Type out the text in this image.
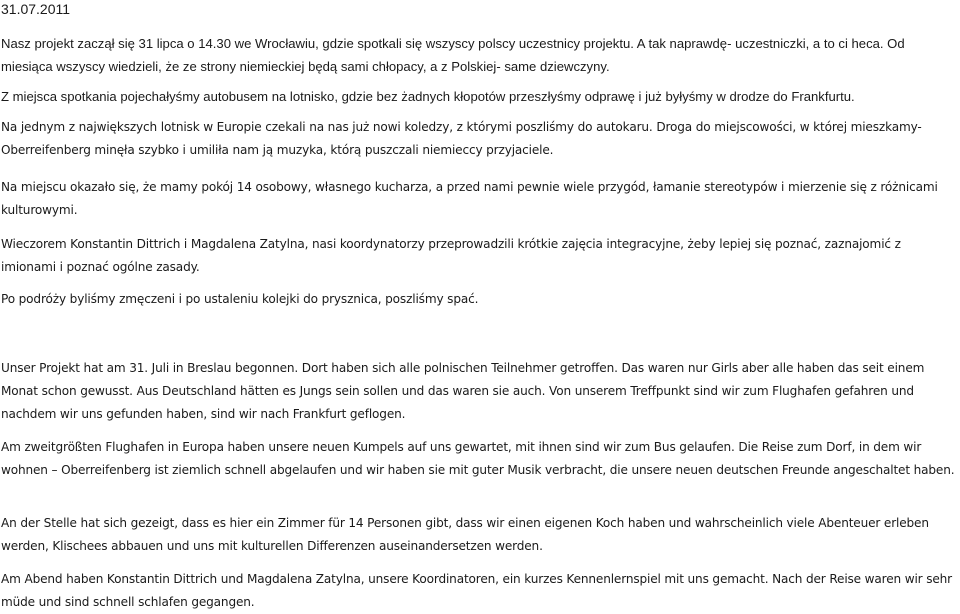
31.07.2011

Nasz projekt zaczął się 31 lipca o 14.30 we Wrocławiu, gdzie spotkali się wszyscy polscy uczestnicy projektu. A tak naprawdę- uczestniczki, a to ci heca. Od miesiąca wszyscy wiedzieli, że ze strony niemieckiej będą sami chłopacy, a z Polskiej- same dziewczyny.

Z miejsca spotkania pojechałyśmy autobusem na lotnisko, gdzie bez żadnych kłopotów przeszłyśmy odprawę i już byłyśmy w drodze do Frankfurtu.

Na jednym z największych lotnisk w Europie czekali na nas już nowi koledzy, z którymi poszliśmy do autokaru. Droga do miejscowości, w której mieszkamy- Oberreifenberg minęła szybko i umiliła nam ją muzyka, którą puszczali niemieccy przyjaciele.

Na miejscu okazało się, że mamy pokój 14 osobowy, własnego kucharza, a przed nami pewnie wiele przygód, łamanie stereotypów i mierzenie się z różnicami kulturowymi.

Wieczorem Konstantin Dittrich i Magdalena Zatylna, nasi koordynatorzy przeprowadzili krótkie zajęcia integracyjne, żeby lepiej się poznać, zaznajomić z imionami i poznać ogólne zasady.

Po podróży byliśmy zmęczeni i po ustaleniu kolejki do prysznica, poszliśmy spać.

Unser Projekt hat am 31. Juli in Breslau begonnen. Dort haben sich alle polnischen Teilnehmer getroffen. Das waren nur Girls aber alle haben das seit einem Monat schon gewusst. Aus Deutschland hätten es Jungs sein sollen und das waren sie auch. Von unserem Treffpunkt sind wir zum Flughafen gefahren und nachdem wir uns gefunden haben, sind wir nach Frankfurt geflogen.

Am zweitgrößten Flughafen in Europa haben unsere neuen Kumpels auf uns gewartet, mit ihnen sind wir zum Bus gelaufen. Die Reise zum Dorf, in dem wir wohnen – Oberreifenberg ist ziemlich schnell abgelaufen und wir haben sie mit guter Musik verbracht, die unsere neuen deutschen Freunde angeschaltet haben.

An der Stelle hat sich gezeigt, dass es hier ein Zimmer für 14 Personen gibt, dass wir einen eigenen Koch haben und wahrscheinlich viele Abenteuer erleben werden, Klischees abbauen und uns mit kulturellen Differenzen auseinandersetzen werden.

Am Abend haben Konstantin Dittrich und Magdalena Zatylna, unsere Koordinatoren, ein kurzes Kennenlernspiel mit uns gemacht. Nach der Reise waren wir sehr müde und sind schnell schlafen gegangen.
